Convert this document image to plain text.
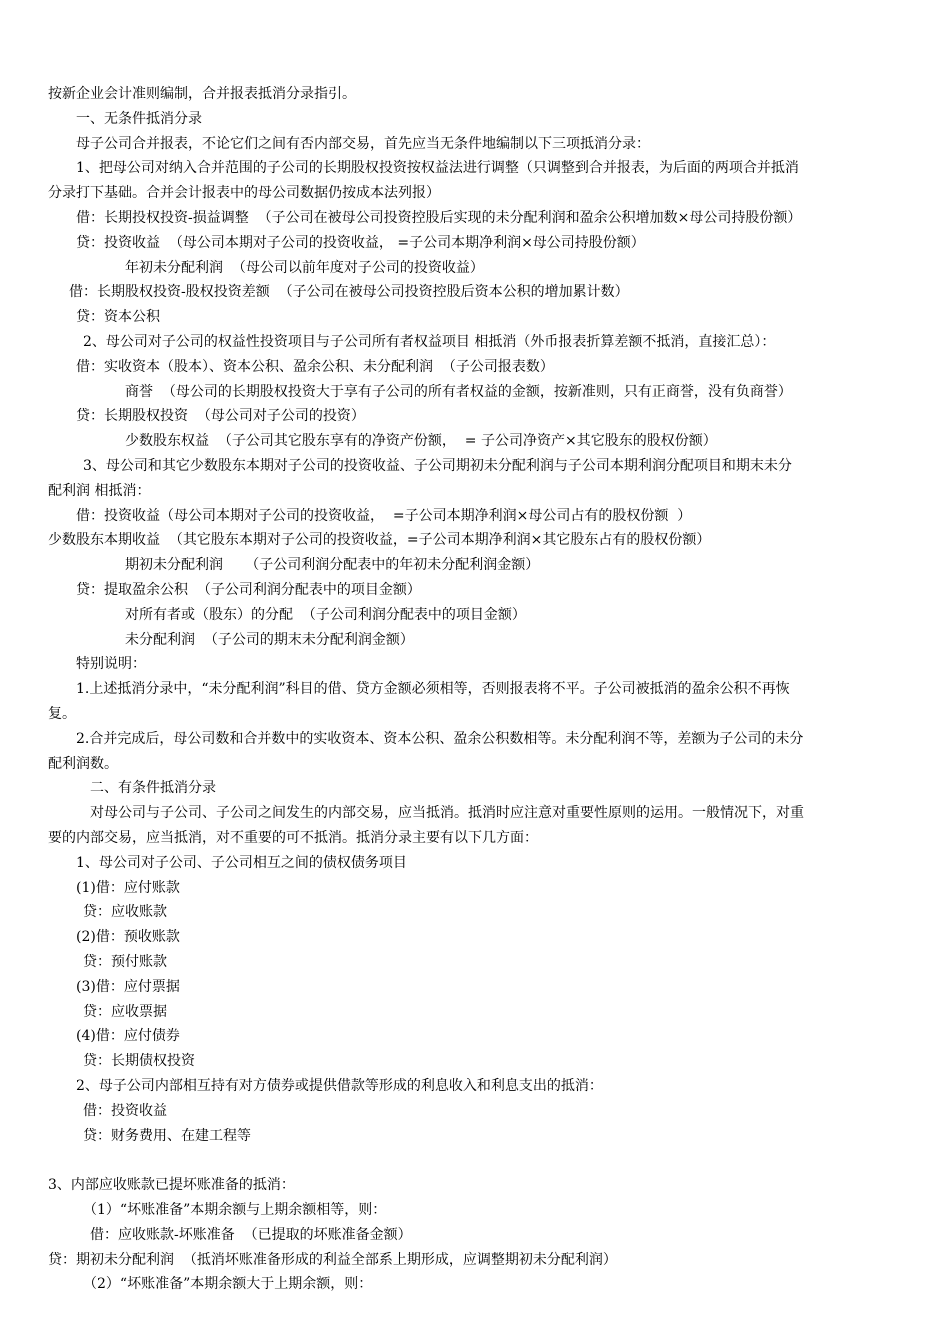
按新企业会计准则编制，合并报表抵消分录指引。
一、无条件抵消分录
母子公司合并报表，不论它们之间有否内部交易，首先应当无条件地编制以下三项抵消分录：
1、把母公司对纳入合并范围的子公司的长期股权投资按权益法进行调整（只调整到合并报表，为后面的两项合并抵消
分录打下基础。合并会计报表中的母公司数据仍按成本法列报）
借：长期投权投资-损益调整  （子公司在被母公司投资控股后实现的未分配利润和盈余公积增加数×母公司持股份额）
贷：投资收益  （母公司本期对子公司的投资收益， =子公司本期净利润×母公司持股份额）
年初未分配利润  （母公司以前年度对子公司的投资收益）
借：长期股权投资-股权投资差额  （子公司在被母公司投资控股后资本公积的增加累计数）
贷：资本公积
2、母公司对子公司的权益性投资项目与子公司所有者权益项目 相抵消（外币报表折算差额不抵消，直接汇总）：
借：实收资本（股本）、资本公积、盈余公积、未分配利润  （子公司报表数）
商誉  （母公司的长期股权投资大于享有子公司的所有者权益的金额，按新准则，只有正商誉，没有负商誉）
贷：长期股权投资  （母公司对子公司的投资）
少数股东权益  （子公司其它股东享有的净资产份额，  = 子公司净资产×其它股东的股权份额）
3、母公司和其它少数股东本期对子公司的投资收益、子公司期初未分配利润与子公司本期利润分配项目和期末未分
配利润 相抵消：
借：投资收益（母公司本期对子公司的投资收益，  =子公司本期净利润×母公司占有的股权份额  ）
少数股东本期收益  （其它股东本期对子公司的投资收益，=子公司本期净利润×其它股东占有的股权份额）
期初未分配利润     （子公司利润分配表中的年初未分配利润金额）
贷：提取盈余公积  （子公司利润分配表中的项目金额）
对所有者或（股东）的分配  （子公司利润分配表中的项目金额）
未分配利润  （子公司的期末未分配利润金额）
特别说明：
1.上述抵消分录中，“未分配利润”科目的借、贷方金额必须相等，否则报表将不平。子公司被抵消的盈余公积不再恢
复。
2.合并完成后，母公司数和合并数中的实收资本、资本公积、盈余公积数相等。未分配利润不等，差额为子公司的未分
配利润数。
二、有条件抵消分录
对母公司与子公司、子公司之间发生的内部交易，应当抵消。抵消时应注意对重要性原则的运用。一般情况下，对重
要的内部交易，应当抵消，对不重要的可不抵消。抵消分录主要有以下几方面：
1、母公司对子公司、子公司相互之间的债权债务项目
(1)借：应付账款
贷：应收账款
(2)借：预收账款
贷：预付账款
(3)借：应付票据
贷：应收票据
(4)借：应付债券
贷：长期债权投资
2、母子公司内部相互持有对方债券或提供借款等形成的利息收入和利息支出的抵消：
借：投资收益
贷：财务费用、在建工程等
3、内部应收账款已提坏账准备的抵消：
（1）“坏账准备”本期余额与上期余额相等，则：
借：应收账款-坏账准备  （已提取的坏账准备金额）
贷：期初未分配利润  （抵消坏账准备形成的利益全部系上期形成，应调整期初未分配利润）
（2）“坏账准备”本期余额大于上期余额，则：
